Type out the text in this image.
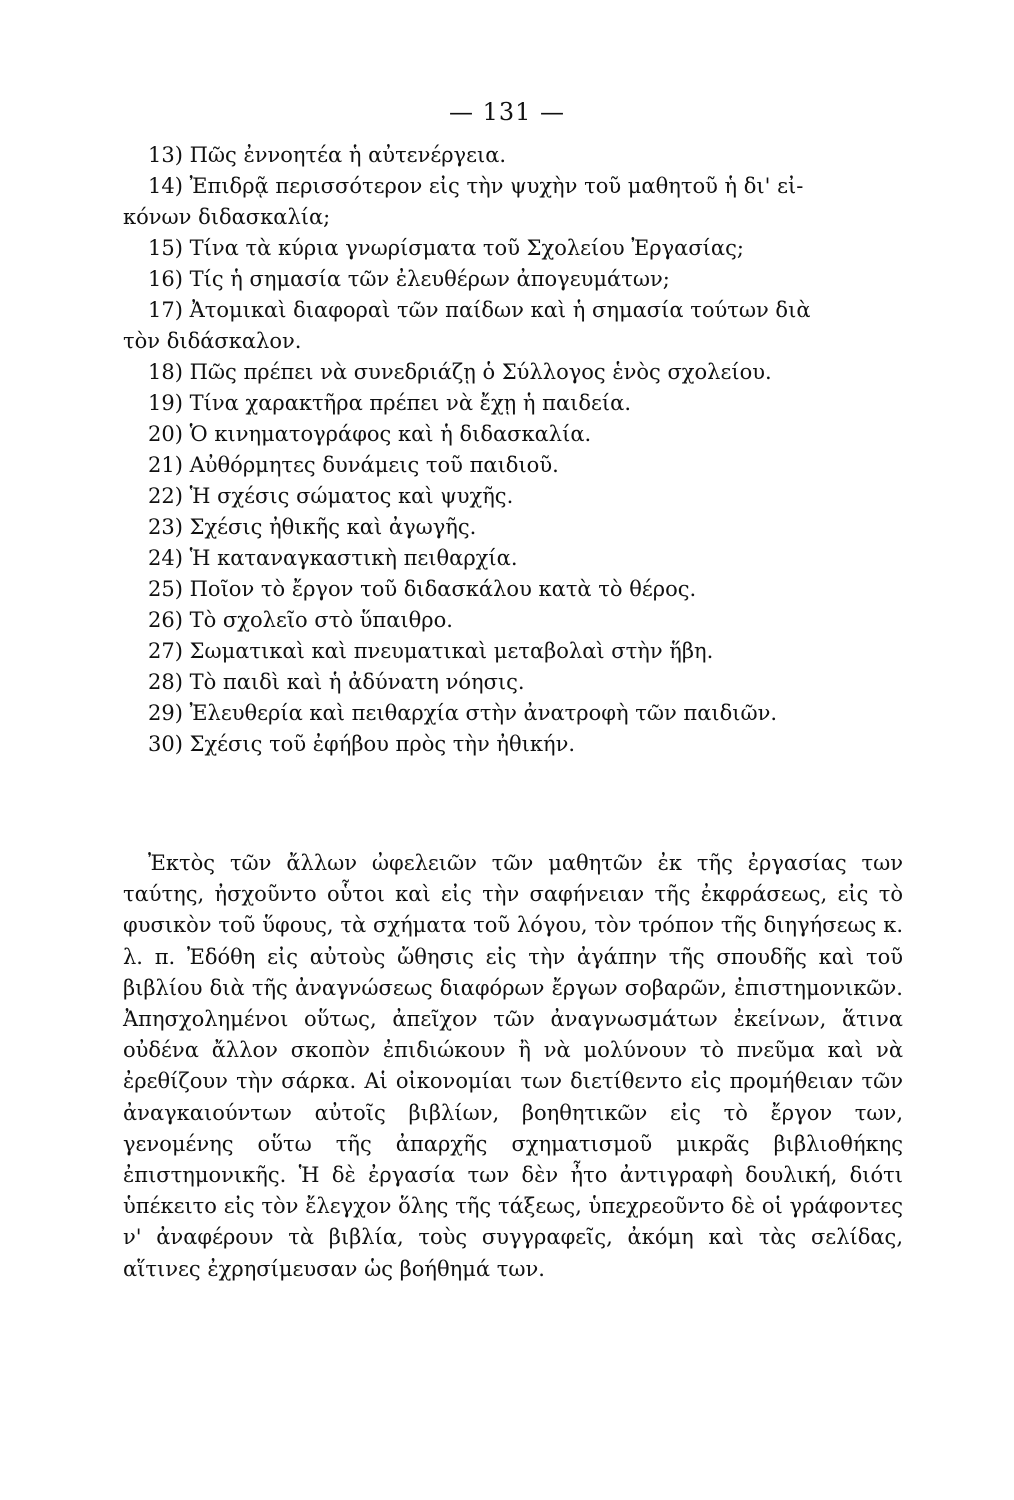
— 131 —

13) Πῶς ἐννοητέα ἡ αὐτενέργεια.

14) Ἐπιδρᾷ περισσότερον εἰς τὴν ψυχὴν τοῦ μαθητοῦ ἡ δι' εἰ-
κόνων διδασκαλία;

15) Τίνα τὰ κύρια γνωρίσματα τοῦ Σχολείου Ἐργασίας;

16) Τίς ἡ σημασία τῶν ἐλευθέρων ἀπογευμάτων;

17) Ἀτομικαὶ διαφοραὶ τῶν παίδων καὶ ἡ σημασία τούτων διὰ
τὸν διδάσκαλον.

18) Πῶς πρέπει νὰ συνεδριάζῃ ὁ Σύλλογος ἑνὸς σχολείου.

19) Τίνα χαρακτῆρα πρέπει νὰ ἔχῃ ἡ παιδεία.

20) Ὁ κινηματογράφος καὶ ἡ διδασκαλία.

21) Αὐθόρμητες δυνάμεις τοῦ παιδιοῦ.

22) Ἡ σχέσις σώματος καὶ ψυχῆς.

23) Σχέσις ἠθικῆς καὶ ἀγωγῆς.

24) Ἡ καταναγκαστικὴ πειθαρχία.

25) Ποῖον τὸ ἔργον τοῦ διδασκάλου κατὰ τὸ θέρος.

26) Τὸ σχολεῖο στὸ ὕπαιθρο.

27) Σωματικαὶ καὶ πνευματικαὶ μεταβολαὶ στὴν ἥβη.

28) Τὸ παιδὶ καὶ ἡ ἀδύνατη νόησις.

29) Ἐλευθερία καὶ πειθαρχία στὴν ἀνατροφὴ τῶν παιδιῶν.

30) Σχέσις τοῦ ἐφήβου πρὸς τὴν ἠθικήν.

Ἐκτὸς τῶν ἄλλων ὠφελειῶν τῶν μαθητῶν ἐκ τῆς ἐργασίας των ταύτης, ἠσχοῦντο οὗτοι καὶ εἰς τὴν σαφήνειαν τῆς ἐκφράσεως, εἰς τὸ φυσικὸν τοῦ ὕφους, τὰ σχήματα τοῦ λόγου, τὸν τρόπον τῆς διηγήσεως κ. λ. π. Ἐδόθη εἰς αὐτοὺς ὤθησις εἰς τὴν ἀγάπην τῆς σπουδῆς καὶ τοῦ βιβλίου διὰ τῆς ἀναγνώσεως διαφόρων ἔργων σοβαρῶν, ἐπιστημονικῶν. Ἀπησχολημένοι οὕτως, ἀπεῖχον τῶν ἀναγνωσμάτων ἐκείνων, ἅτινα οὐδένα ἄλλον σκοπὸν ἐπιδιώκουν ἢ νὰ μολύνουν τὸ πνεῦμα καὶ νὰ ἐρεθίζουν τὴν σάρκα. Αἱ οἰκονομίαι των διετίθεντο εἰς προμήθειαν τῶν ἀναγκαιούντων αὐτοῖς βιβλίων, βοηθητικῶν εἰς τὸ ἔργον των, γενομένης οὕτω τῆς ἀπαρχῆς σχηματισμοῦ μικρᾶς βιβλιοθήκης ἐπιστημονικῆς. Ἡ δὲ ἐργασία των δὲν ἦτο ἀντιγραφὴ δουλική, διότι ὑπέκειτο εἰς τὸν ἔλεγχον ὅλης τῆς τάξεως, ὑπεχρεοῦντο δὲ οἱ γράφοντες ν' ἀναφέρουν τὰ βιβλία, τοὺς συγγραφεῖς, ἀκόμη καὶ τὰς σελίδας, αἵτινες ἐχρησίμευσαν ὡς βοήθημά των.
